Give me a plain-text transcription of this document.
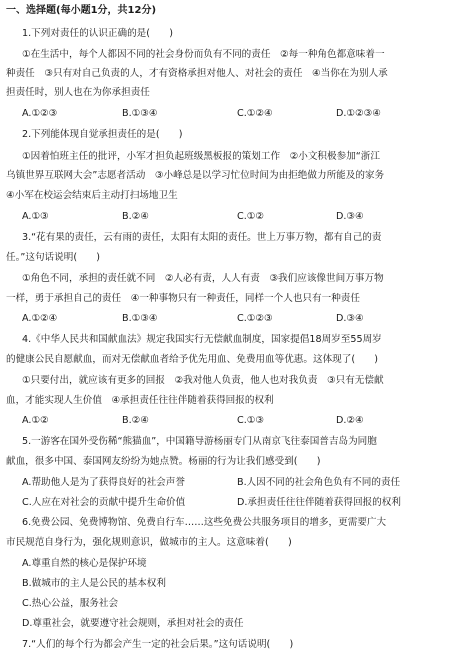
一、选择题(每小题1分，共12分)
1.下列对责任的认识正确的是(　　)
①在生活中，每个人都因不同的社会身份而负有不同的责任　②每一种角色都意味着一
种责任　③只有对自己负责的人，才有资格承担对他人、对社会的责任　④当你在为别人承
担责任时，别人也在为你承担责任
A.①②③	B.①③④	C.①②④	D.①②③④
2.下列能体现自觉承担责任的是(　　)
①因着怕班主任的批评，小军才担负起班级黑板报的策划工作　②小文积极参加“浙江
乌镇世界互联网大会”志愿者活动　③小峰总是以学习忙位时间为由拒绝做力所能及的家务
④小军在校运会结束后主动打扫场地卫生
A.①③	B.②④	C.①②	D.③④
3.“花有果的责任，云有雨的责任，太阳有太阳的责任。世上万事万物，都有自己的责
任。”这句话说明(　　)
①角色不同，承担的责任就不同　②人必有责，人人有责　③我们应该像世间万事万物
一样，勇于承担自己的责任　④一种事物只有一种责任，同样一个人也只有一种责任
A.①②④	B.①③④	C.①②③	D.③④
4.《中华人民共和国献血法》规定我国实行无偿献血制度，国家提倡18周岁至55周岁
的健康公民自愿献血，而对无偿献血者给予优先用血、免费用血等优惠。这体现了(　　)
①只要付出，就应该有更多的回报　②我对他人负责，他人也对我负责　③只有无偿献
血，才能实现人生价值　④承担责任往往伴随着获得回报的权利
A.①②	B.②④	C.①③	D.②④
5.一游客在国外受伤稀“熊猫血”，中国籍导游杨丽专门从南京飞往泰国普吉岛为同胞
献血，很多中国、泰国网友纷纷为她点赞。杨丽的行为让我们感受到(　　)
A.帮助他人是为了获得良好的社会声誉	B.人因不同的社会角色负有不同的责任
C.人应在对社会的贡献中提升生命价值	D.承担责任往往伴随着获得回报的权利
6.免费公园、免费博物馆、免费自行车……这些免费公共服务项目的增多，更需要广大
市民规范自身行为，强化规则意识，做城市的主人。这意味着(　　)
A.尊重自然的核心是保护环境
B.做城市的主人是公民的基本权利
C.热心公益，服务社会
D.尊重社会，就要遵守社会规则，承担对社会的责任
7.“人们的每个行为都会产生一定的社会后果。”这句话说明(　　)
